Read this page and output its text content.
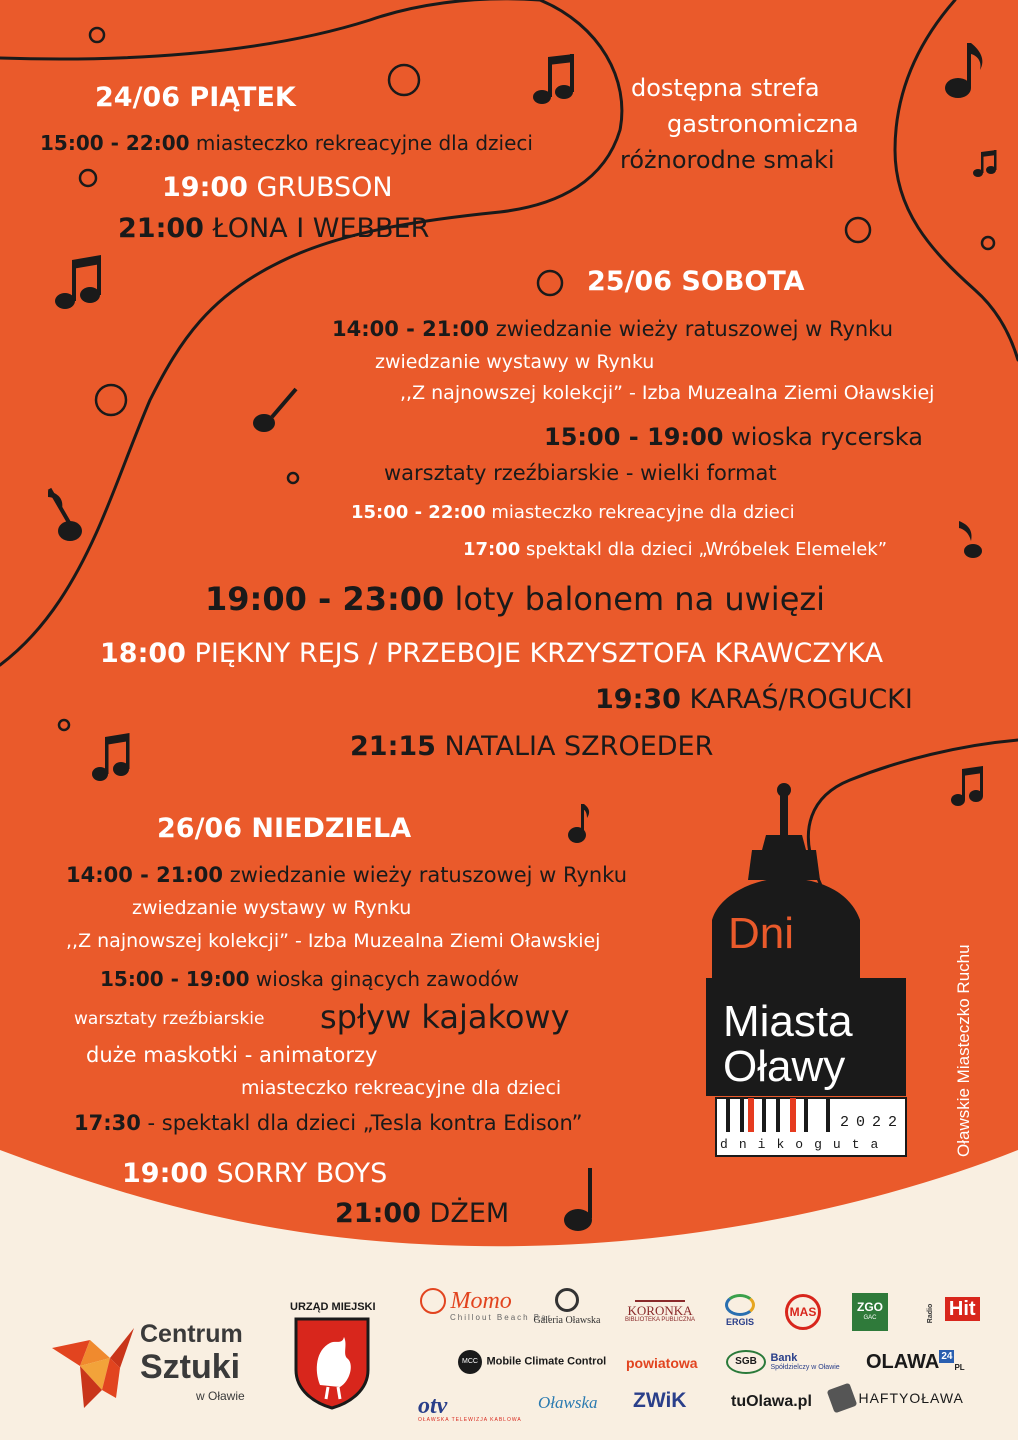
24/06 PIĄTEK
15:00 - 22:00 miasteczko rekreacyjne dla dzieci
19:00 GRUBSON
21:00 ŁONA I WEBBER
dostępna strefa
gastronomiczna
różnorodne smaki
25/06 SOBOTA
14:00 - 21:00 zwiedzanie wieży ratuszowej w Rynku
zwiedzanie wystawy w Rynku
,,Z najnowszej kolekcji” - Izba Muzealna Ziemi Oławskiej
15:00 - 19:00 wioska rycerska
warsztaty rzeźbiarskie - wielki format
15:00 - 22:00 miasteczko rekreacyjne dla dzieci
17:00 spektakl dla dzieci „Wróbelek Elemelek”
19:00 - 23:00 loty balonem na uwięzi
18:00 PIĘKNY REJS / PRZEBOJE KRZYSZTOFA KRAWCZYKA
19:30 KARAŚ/ROGUCKI
21:15 NATALIA SZROEDER
26/06 NIEDZIELA
14:00 - 21:00 zwiedzanie wieży ratuszowej w Rynku
zwiedzanie wystawy w Rynku
,,Z najnowszej kolekcji” - Izba Muzealna Ziemi Oławskiej
15:00 - 19:00 wioska ginących zawodów
warsztaty rzeźbiarskie spływ kajakowy
duże maskotki - animatorzy
miasteczko rekreacyjne dla dzieci
17:30 - spektakl dla dzieci „Tesla kontra Edison”
19:00 SORRY BOYS
21:00 DŻEM
Dni
Miasta
Oławy
2022
dnikoguta	Oławskie Miasteczko Ruchu
Centrum
Sztuki
w Oławie
URZĄD MIEJSKI	Momo
Chillout Beach Bar
Galeria Oławska
KORONKA
BIBLIOTEKA PUBLICZNA	ERGIS
MAS	ZGO
GAC	Radio Hit
MCC Mobile Climate Control powiatowa	SGB Bank
Spółdzielczy w Oławie OLAWA $^{24}$PL
otv
OŁAWSKA TELEWIZJA KABLOWA
Oławska ZWiK	tuOlawa.pl	HAFTYOŁAWA
